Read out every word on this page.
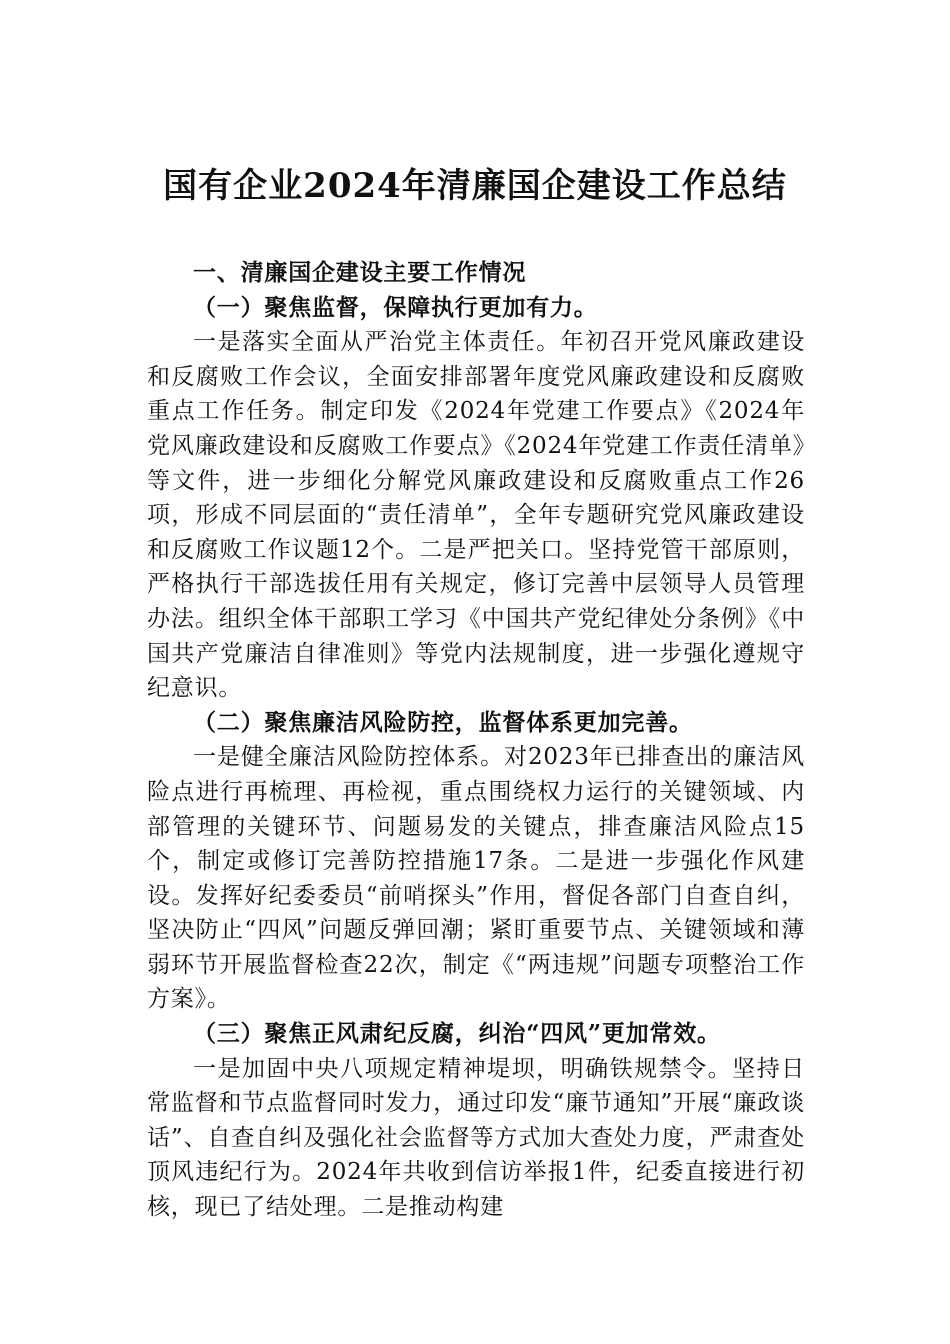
国有企业2024年清廉国企建设工作总结

一、清廉国企建设主要工作情况

（一）聚焦监督，保障执行更加有力。

一是落实全面从严治党主体责任。年初召开党风廉政建设和反腐败工作会议，全面安排部署年度党风廉政建设和反腐败重点工作任务。制定印发《2024年党建工作要点》《2024年党风廉政建设和反腐败工作要点》《2024年党建工作责任清单》等文件，进一步细化分解党风廉政建设和反腐败重点工作26项，形成不同层面的“责任清单”，全年专题研究党风廉政建设和反腐败工作议题12个。二是严把关口。坚持党管干部原则，严格执行干部选拔任用有关规定，修订完善中层领导人员管理办法。组织全体干部职工学习《中国共产党纪律处分条例》《中国共产党廉洁自律准则》等党内法规制度，进一步强化遵规守纪意识。

（二）聚焦廉洁风险防控，监督体系更加完善。

一是健全廉洁风险防控体系。对2023年已排查出的廉洁风险点进行再梳理、再检视，重点围绕权力运行的关键领域、内部管理的关键环节、问题易发的关键点，排查廉洁风险点15个，制定或修订完善防控措施17条。二是进一步强化作风建设。发挥好纪委委员“前哨探头”作用，督促各部门自查自纠，坚决防止“四风”问题反弹回潮；紧盯重要节点、关键领域和薄弱环节开展监督检查22次，制定《“两违规”问题专项整治工作方案》。

（三）聚焦正风肃纪反腐，纠治“四风”更加常效。

一是加固中央八项规定精神堤坝，明确铁规禁令。坚持日常监督和节点监督同时发力，通过印发“廉节通知”开展“廉政谈话”、自查自纠及强化社会监督等方式加大查处力度，严肃查处顶风违纪行为。2024年共收到信访举报1件，纪委直接进行初核，现已了结处理。二是推动构建
